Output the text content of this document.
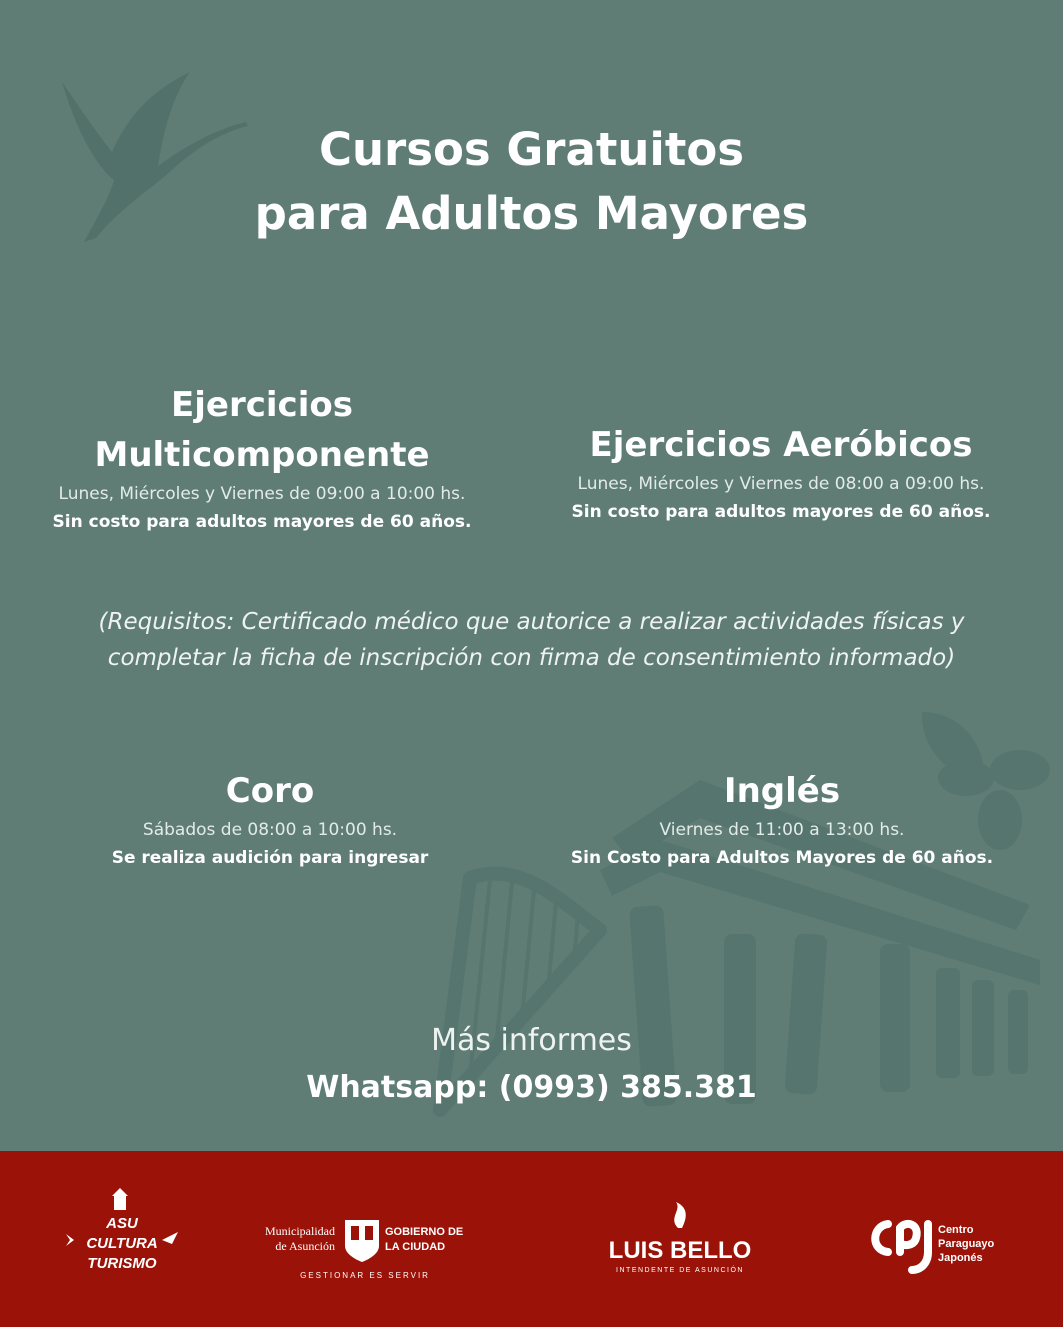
Cursos Gratuitos
para Adultos Mayores
Ejercicios
Multicomponente
Lunes, Miércoles y Viernes de 09:00 a 10:00 hs.
Sin costo para adultos mayores de 60 años.
Ejercicios Aeróbicos
Lunes, Miércoles y Viernes de 08:00 a 09:00 hs.
Sin costo para adultos mayores de 60 años.
(Requisitos: Certificado médico que autorice a realizar actividades físicas y
completar la ficha de inscripción con firma de consentimiento informado)
Coro
Sábados de 08:00 a 10:00 hs.
Se realiza audición para ingresar
Inglés
Viernes de 11:00 a 13:00 hs.
Sin Costo para Adultos Mayores de 60 años.
Más informes
Whatsapp: (0993) 385.381
ASU
CULTURA
TURISMO
Municipalidad
de Asunción
GOBIERNO DE
LA CIUDAD
GESTIONAR ES SERVIR
LUIS BELLO
INTENDENTE DE ASUNCIÓN
Centro
Paraguayo
Japonés
